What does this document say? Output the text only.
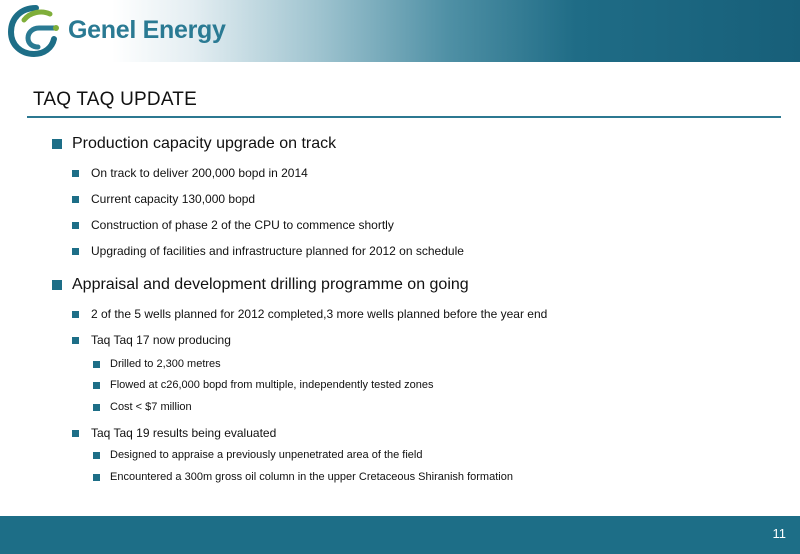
Genel Energy
TAQ TAQ UPDATE
Production capacity upgrade on track
On track to deliver 200,000 bopd in 2014
Current capacity 130,000 bopd
Construction of phase 2 of the CPU to commence shortly
Upgrading of facilities and infrastructure planned for 2012 on schedule
Appraisal and development drilling programme on going
2 of the 5 wells planned for 2012 completed,3 more wells planned before the year end
Taq Taq 17 now producing
Drilled to 2,300 metres
Flowed at c26,000 bopd from multiple, independently tested zones
Cost < $7 million
Taq Taq 19 results being evaluated
Designed to appraise a previously unpenetrated area of the field
Encountered a 300m gross oil column in the upper Cretaceous Shiranish formation
11
